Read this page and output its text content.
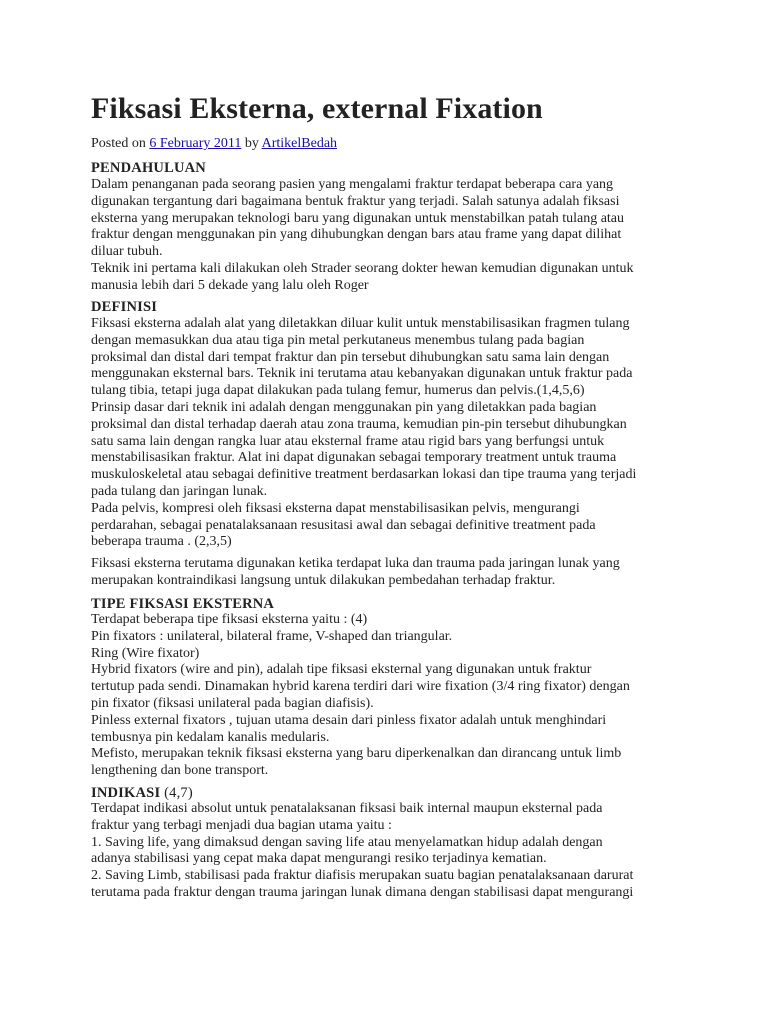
Fiksasi Eksterna, external Fixation
Posted on 6 February 2011 by ArtikelBedah
PENDAHULUAN

Dalam penanganan pada seorang pasien yang mengalami fraktur terdapat beberapa cara yang
digunakan tergantung dari bagaimana bentuk fraktur yang terjadi. Salah satunya adalah fiksasi
eksterna yang merupakan teknologi baru yang digunakan untuk menstabilkan patah tulang atau
fraktur dengan menggunakan pin yang dihubungkan dengan bars atau frame yang dapat dilihat
diluar tubuh.
Teknik ini pertama kali dilakukan oleh Strader seorang dokter hewan kemudian digunakan untuk
manusia lebih dari 5 dekade yang lalu oleh Roger

DEFINISI

Fiksasi eksterna adalah alat yang diletakkan diluar kulit untuk menstabilisasikan fragmen tulang
dengan memasukkan dua atau tiga pin metal perkutaneus menembus tulang pada bagian
proksimal dan distal dari tempat fraktur dan pin tersebut dihubungkan satu sama lain dengan
menggunakan eksternal bars. Teknik ini terutama atau kebanyakan digunakan untuk fraktur pada
tulang tibia, tetapi juga dapat dilakukan pada tulang femur, humerus dan pelvis.(1,4,5,6)
Prinsip dasar dari teknik ini adalah dengan menggunakan pin yang diletakkan pada bagian
proksimal dan distal terhadap daerah atau zona trauma, kemudian pin-pin tersebut dihubungkan
satu sama lain dengan rangka luar atau eksternal frame atau rigid bars yang berfungsi untuk
menstabilisasikan fraktur. Alat ini dapat digunakan sebagai temporary treatment untuk trauma
muskuloskeletal atau sebagai definitive treatment berdasarkan lokasi dan tipe trauma yang terjadi
pada tulang dan jaringan lunak.
Pada pelvis, kompresi oleh fiksasi eksterna dapat menstabilisasikan pelvis, mengurangi
perdarahan, sebagai penatalaksanaan resusitasi awal dan sebagai definitive treatment pada
beberapa trauma . (2,3,5)

Fiksasi eksterna terutama digunakan ketika terdapat luka dan trauma pada jaringan lunak yang
merupakan kontraindikasi langsung untuk dilakukan pembedahan terhadap fraktur.

TIPE FIKSASI EKSTERNA

Terdapat beberapa tipe fiksasi eksterna yaitu : (4)
Pin fixators : unilateral, bilateral frame, V-shaped dan triangular.
Ring (Wire fixator)
Hybrid fixators (wire and pin), adalah tipe fiksasi eksternal yang digunakan untuk fraktur
tertutup pada sendi. Dinamakan hybrid karena terdiri dari wire fixation (3/4 ring fixator) dengan
pin fixator (fiksasi unilateral pada bagian diafisis).
Pinless external fixators , tujuan utama desain dari pinless fixator adalah untuk menghindari
tembusnya pin kedalam kanalis medularis.
Mefisto, merupakan teknik fiksasi eksterna yang baru diperkenalkan dan dirancang untuk limb
lengthening dan bone transport.

INDIKASI (4,7)

Terdapat indikasi absolut untuk penatalaksanan fiksasi baik internal maupun eksternal pada
fraktur yang terbagi menjadi dua bagian utama yaitu :
1. Saving life, yang dimaksud dengan saving life atau menyelamatkan hidup adalah dengan
adanya stabilisasi yang cepat maka dapat mengurangi resiko terjadinya kematian.
2. Saving Limb, stabilisasi pada fraktur diafisis merupakan suatu bagian penatalaksanaan darurat
terutama pada fraktur dengan trauma jaringan lunak dimana dengan stabilisasi dapat mengurangi
